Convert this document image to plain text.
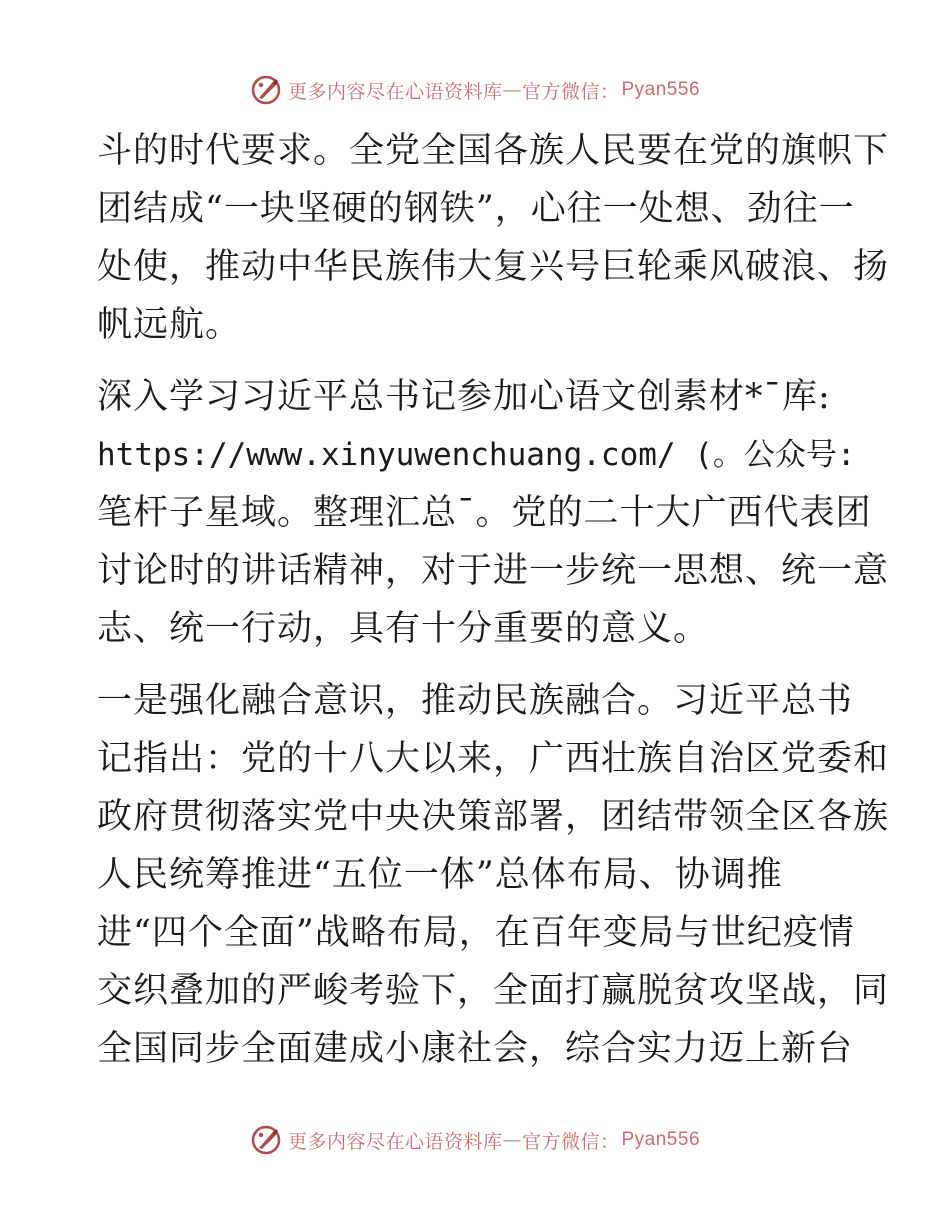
更多内容尽在心语资料库 — 官方微信： Pyan556
斗的时代要求。全党全国各族人民要在党的旗帜下
团结成“一块坚硬的钢铁”，心往一处想、劲往一
处使，推动中华民族伟大复兴号巨轮乘风破浪、扬
帆远航。
深入学习习近平总书记参加心语文创素材*¯库:
https://www.xinyuwenchuang.com/ (。公众号:
笔杆子星域。整理汇总¯。党的二十大广西代表团
讨论时的讲话精神，对于进一步统一思想、统一意
志、统一行动，具有十分重要的意义。
一是强化融合意识，推动民族融合。习近平总书
记指出：党的十八大以来，广西壮族自治区党委和
政府贯彻落实党中央决策部署，团结带领全区各族
人民统筹推进“五位一体”总体布局、协调推
进“四个全面”战略布局，在百年变局与世纪疫情
交织叠加的严峻考验下，全面打赢脱贫攻坚战，同
全国同步全面建成小康社会，综合实力迈上新台
更多内容尽在心语资料库 — 官方微信： Pyan556
